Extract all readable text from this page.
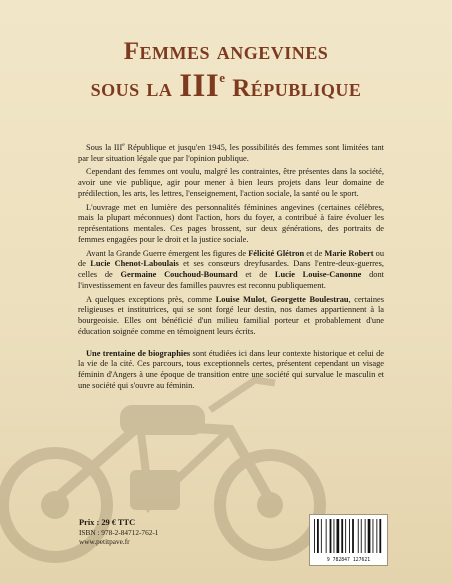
Femmes angevines
sous la IIIe République

Sous la IIIe République et jusqu'en 1945, les possibilités des femmes sont limitées tant par leur situation légale que par l'opinion publique.

Cependant des femmes ont voulu, malgré les contraintes, être présentes dans la société, avoir une vie publique, agir pour mener à bien leurs projets dans leur domaine de prédilection, les arts, les lettres, l'enseignement, l'action sociale, la santé ou le sport.

L'ouvrage met en lumière des personnalités féminines angevines (certaines célèbres, mais la plupart méconnues) dont l'action, hors du foyer, a contribué à faire évoluer les représentations mentales. Ces pages brossent, sur deux générations, des portraits de femmes engagées pour le droit et la justice sociale.

Avant la Grande Guerre émergent les figures de Félicité Glétron et de Marie Robert ou de Lucie Chenot-Laboulais et ses consœurs dreyfusardes. Dans l'entre-deux-guerres, celles de Germaine Couchoud-Boumard et de Lucie Louise-Canonne dont l'investissement en faveur des familles pauvres est reconnu publiquement.

A quelques exceptions près, comme Louise Mulot, Georgette Boulestrau, certaines religieuses et institutrices, qui se sont forgé leur destin, nos dames appartiennent à la bourgeoisie. Elles ont bénéficié d'un milieu familial porteur et probablement d'une éducation soignée comme en témoignent leurs écrits.

Une trentaine de biographies sont étudiées ici dans leur contexte historique et celui de la vie de la cité. Ces parcours, tous exceptionnels certes, présentent cependant un visage féminin d'Angers à une époque de transition entre une société qui survalue le masculin et une société qui s'ouvre au féminin.

Prix : 29 € TTC
ISBN : 978-2-84712-762-1
www.petitpave.fr
9 782847 127621
